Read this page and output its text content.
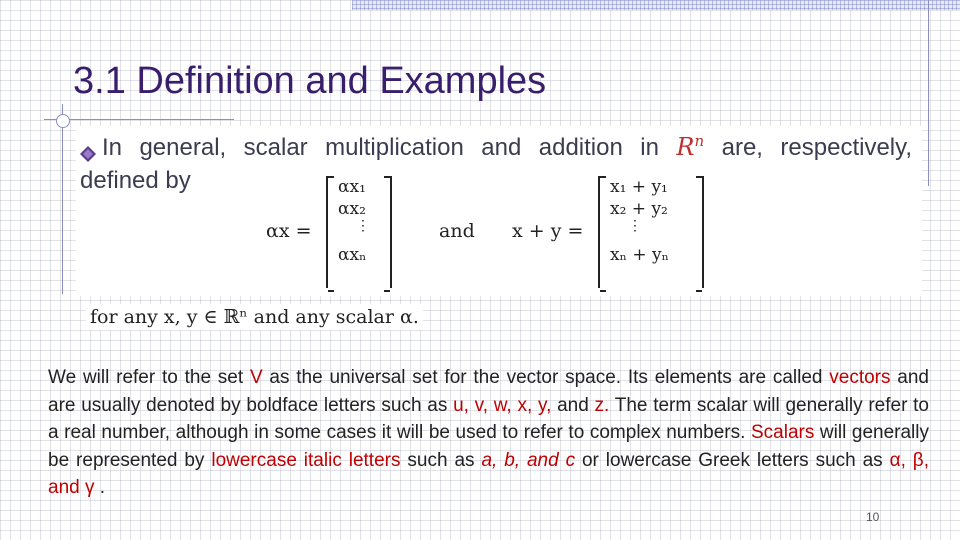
3.1 Definition and Examples
In general, scalar multiplication and addition in $R^n$ are, respectively,
defined by
αx =
αx₁
αx₂
⋮
αxₙ
and x + y =
x₁ + y₁
x₂ + y₂
⋮
xₙ + yₙ
for any x, y ∈ ℝⁿ and any scalar α.
We will refer to the set V as the universal set for the vector space. Its elements are called vectors and are usually denoted by boldface letters such as u, v, w, x, y, and z. The term scalar will generally refer to a real number, although in some cases it will be used to refer to complex numbers. Scalars will generally be represented by lowercase italic letters such as a, b, and c or lowercase Greek letters such as α, β, and γ .
10
